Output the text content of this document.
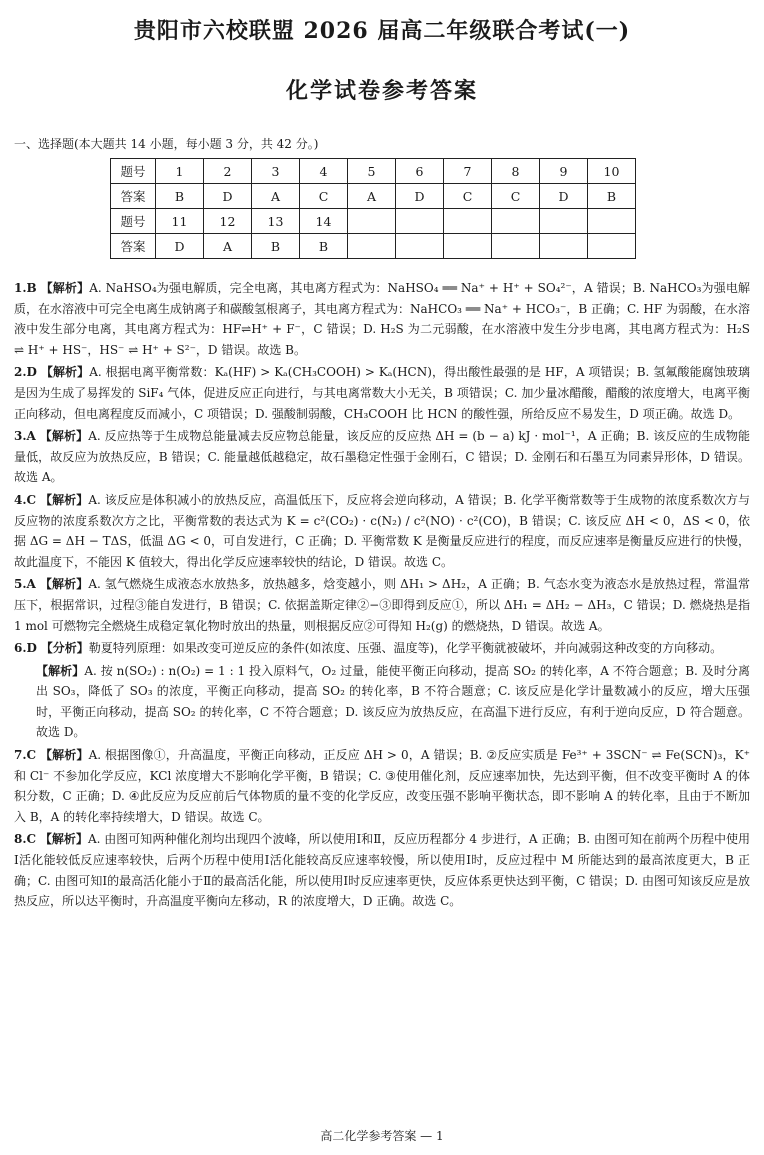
贵阳市六校联盟 2026 届高二年级联合考试(一)
化学试卷参考答案
一、选择题(本大题共 14 小题，每小题 3 分，共 42 分。)
题号	1	2	3	4	5	6	7	8	9	10
答案	B	D	A	C	A	D	C	C	D	B
题号	11	12	13	14						
答案	D	A	B	B						

1.B 【解析】A. NaHSO₄为强电解质，完全电离，其电离方程式为：NaHSO₄ ══ Na⁺ + H⁺ + SO₄²⁻，A 错误；B. NaHCO₃为强电解质，在水溶液中可完全电离生成钠离子和碳酸氢根离子，其电离方程式为：NaHCO₃ ══ Na⁺ + HCO₃⁻，B 正确；C. HF 为弱酸，在水溶液中发生部分电离，其电离方程式为：HF⇌H⁺ + F⁻，C 错误；D. H₂S 为二元弱酸，在水溶液中发生分步电离，其电离方程式为：H₂S ⇌ H⁺ + HS⁻，HS⁻ ⇌ H⁺ + S²⁻，D 错误。故选 B。

2.D 【解析】A. 根据电离平衡常数：Kₐ(HF) > Kₐ(CH₃COOH) > Kₐ(HCN)，得出酸性最强的是 HF，A 项错误；B. 氢氟酸能腐蚀玻璃是因为生成了易挥发的 SiF₄ 气体，促进反应正向进行，与其电离常数大小无关，B 项错误；C. 加少量冰醋酸，醋酸的浓度增大，电离平衡正向移动，但电离程度反而减小，C 项错误；D. 强酸制弱酸，CH₃COOH 比 HCN 的酸性强，所给反应不易发生，D 项正确。故选 D。

3.A 【解析】A. 反应热等于生成物总能量减去反应物总能量，该反应的反应热 ΔH = (b − a) kJ · mol⁻¹，A 正确；B. 该反应的生成物能量低，故反应为放热反应，B 错误；C. 能量越低越稳定，故石墨稳定性强于金刚石，C 错误；D. 金刚石和石墨互为同素异形体，D 错误。故选 A。

4.C 【解析】A. 该反应是体积减小的放热反应，高温低压下，反应将会逆向移动，A 错误；B. 化学平衡常数等于生成物的浓度系数次方与反应物的浓度系数次方之比，平衡常数的表达式为 K = c²(CO₂) · c(N₂) / c²(NO) · c²(CO)，B 错误；C. 该反应 ΔH < 0，ΔS < 0，依据 ΔG = ΔH − TΔS，低温 ΔG < 0，可自发进行，C 正确；D. 平衡常数 K 是衡量反应进行的程度，而反应速率是衡量反应进行的快慢，故此温度下，不能因 K 值较大，得出化学反应速率较快的结论，D 错误。故选 C。

5.A 【解析】A. 氢气燃烧生成液态水放热多，放热越多，焓变越小，则 ΔH₁ > ΔH₂，A 正确；B. 气态水变为液态水是放热过程，常温常压下，根据常识，过程③能自发进行，B 错误；C. 依据盖斯定律②−③即得到反应①，所以 ΔH₁ = ΔH₂ − ΔH₃，C 错误；D. 燃烧热是指 1 mol 可燃物完全燃烧生成稳定氧化物时放出的热量，则根据反应②可得知 H₂(g) 的燃烧热，D 错误。故选 A。

6.D 【分析】勒夏特列原理：如果改变可逆反应的条件(如浓度、压强、温度等)，化学平衡就被破坏，并向减弱这种改变的方向移动。

【解析】A. 按 n(SO₂) : n(O₂) = 1 : 1 投入原料气，O₂ 过量，能使平衡正向移动，提高 SO₂ 的转化率，A 不符合题意；B. 及时分离出 SO₃，降低了 SO₃ 的浓度，平衡正向移动，提高 SO₂ 的转化率，B 不符合题意；C. 该反应是化学计量数减小的反应，增大压强时，平衡正向移动，提高 SO₂ 的转化率，C 不符合题意；D. 该反应为放热反应，在高温下进行反应，有利于逆向反应，D 符合题意。故选 D。

7.C 【解析】A. 根据图像①，升高温度，平衡正向移动，正反应 ΔH > 0，A 错误；B. ②反应实质是 Fe³⁺ + 3SCN⁻ ⇌ Fe(SCN)₃，K⁺ 和 Cl⁻ 不参加化学反应，KCl 浓度增大不影响化学平衡，B 错误；C. ③使用催化剂，反应速率加快，先达到平衡，但不改变平衡时 A 的体积分数，C 正确；D. ④此反应为反应前后气体物质的量不变的化学反应，改变压强不影响平衡状态，即不影响 A 的转化率，且由于不断加入 B，A 的转化率持续增大，D 错误。故选 C。

8.C 【解析】A. 由图可知两种催化剂均出现四个波峰，所以使用Ⅰ和Ⅱ，反应历程都分 4 步进行，A 正确；B. 由图可知在前两个历程中使用Ⅰ活化能较低反应速率较快，后两个历程中使用Ⅰ活化能较高反应速率较慢，所以使用Ⅰ时，反应过程中 M 所能达到的最高浓度更大，B 正确；C. 由图可知Ⅰ的最高活化能小于Ⅱ的最高活化能，所以使用Ⅰ时反应速率更快，反应体系更快达到平衡，C 错误；D. 由图可知该反应是放热反应，所以达平衡时，升高温度平衡向左移动，R 的浓度增大，D 正确。故选 C。

高二化学参考答案 — 1
